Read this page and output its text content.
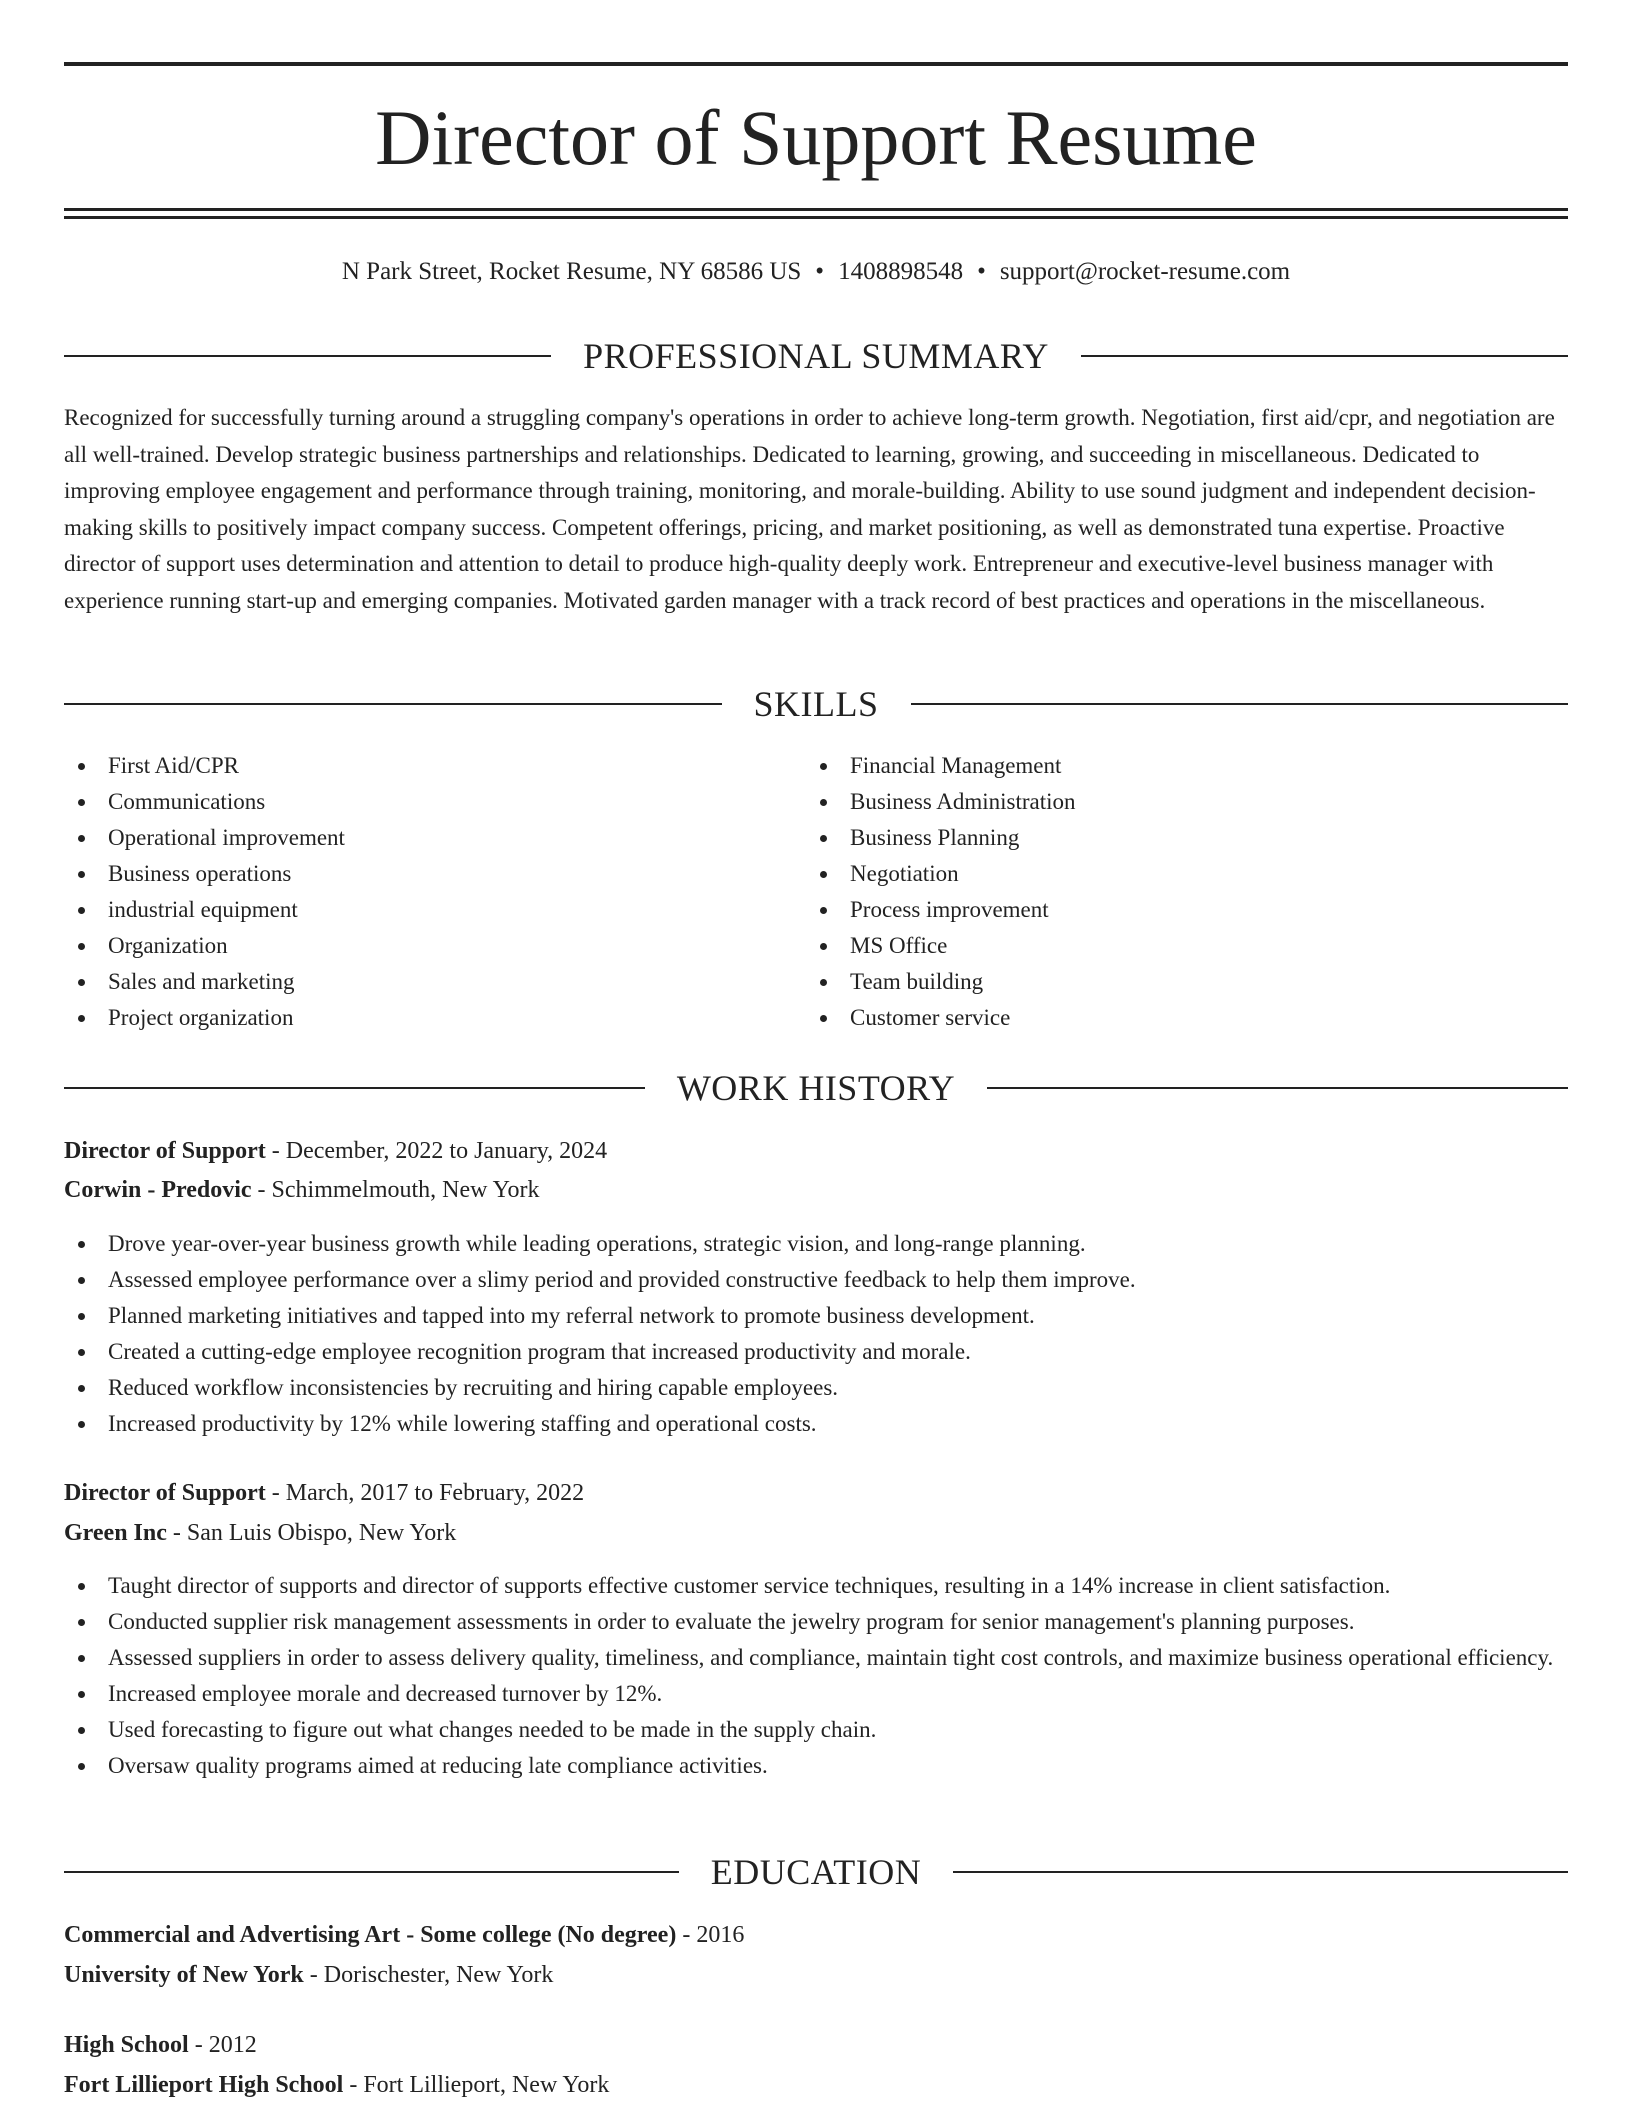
Director of Support Resume
N Park Street, Rocket Resume, NY 68586 US • 1408898548 • support@rocket-resume.com
PROFESSIONAL SUMMARY

Recognized for successfully turning around a struggling company's operations in order to achieve long-term growth. Negotiation, first aid/cpr, and negotiation are all well-trained. Develop strategic business partnerships and relationships. Dedicated to learning, growing, and succeeding in miscellaneous. Dedicated to improving employee engagement and performance through training, monitoring, and morale-building. Ability to use sound judgment and independent decision-making skills to positively impact company success. Competent offerings, pricing, and market positioning, as well as demonstrated tuna expertise. Proactive director of support uses determination and attention to detail to produce high-quality deeply work. Entrepreneur and executive-level business manager with experience running start-up and emerging companies. Motivated garden manager with a track record of best practices and operations in the miscellaneous.

SKILLS
First Aid/CPR
Communications
Operational improvement
Business operations
industrial equipment
Organization
Sales and marketing
Project organization
Financial Management
Business Administration
Business Planning
Negotiation
Process improvement
MS Office
Team building
Customer service
WORK HISTORY
Director of Support - December, 2022 to January, 2024
Corwin - Predovic - Schimmelmouth, New York
Drove year-over-year business growth while leading operations, strategic vision, and long-range planning.
Assessed employee performance over a slimy period and provided constructive feedback to help them improve.
Planned marketing initiatives and tapped into my referral network to promote business development.
Created a cutting-edge employee recognition program that increased productivity and morale.
Reduced workflow inconsistencies by recruiting and hiring capable employees.
Increased productivity by 12% while lowering staffing and operational costs.
Director of Support - March, 2017 to February, 2022
Green Inc - San Luis Obispo, New York
Taught director of supports and director of supports effective customer service techniques, resulting in a 14% increase in client satisfaction.
Conducted supplier risk management assessments in order to evaluate the jewelry program for senior management's planning purposes.
Assessed suppliers in order to assess delivery quality, timeliness, and compliance, maintain tight cost controls, and maximize business operational efficiency.
Increased employee morale and decreased turnover by 12%.
Used forecasting to figure out what changes needed to be made in the supply chain.
Oversaw quality programs aimed at reducing late compliance activities.
EDUCATION
Commercial and Advertising Art - Some college (No degree) - 2016
University of New York - Dorischester, New York
High School - 2012
Fort Lillieport High School - Fort Lillieport, New York
